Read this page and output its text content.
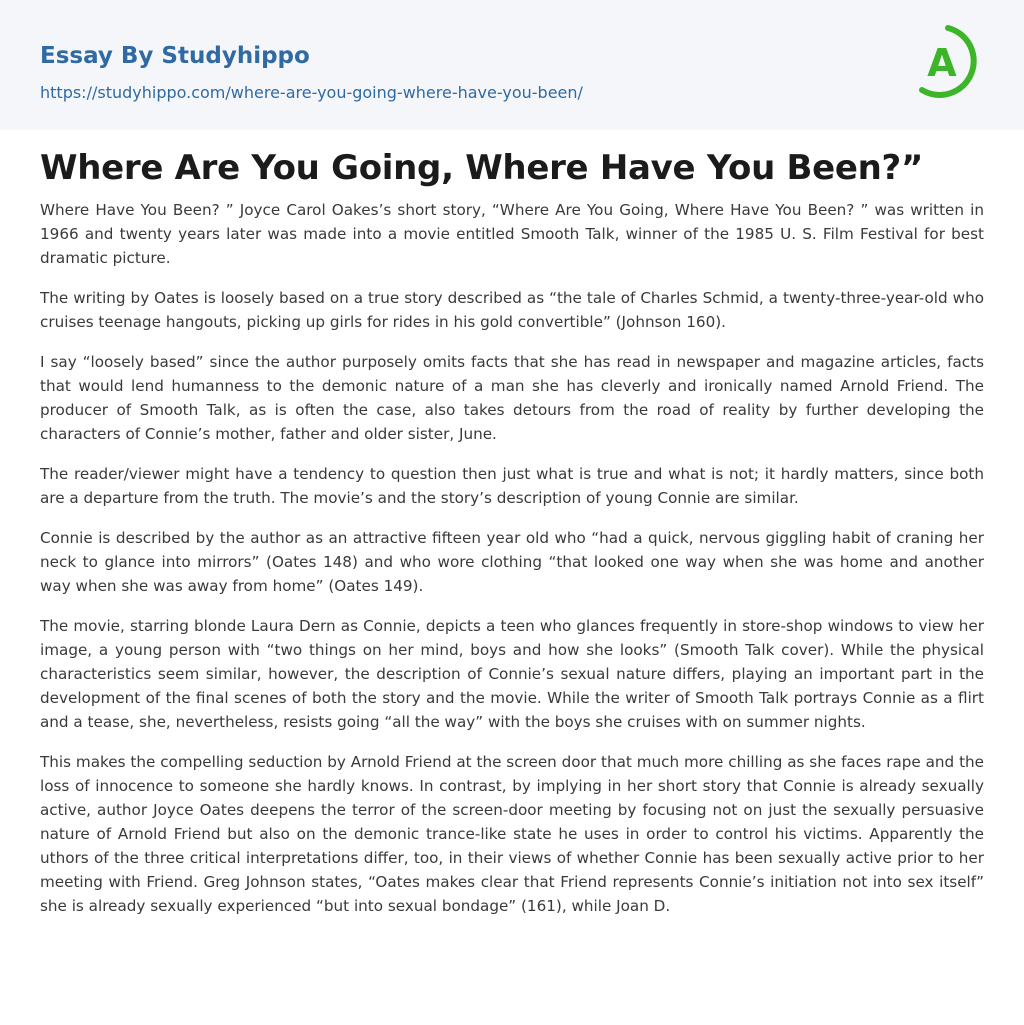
Essay By Studyhippo
https://studyhippo.com/where-are-you-going-where-have-you-been/
A
Where Are You Going, Where Have You Been?”

Where Have You Been? ” Joyce Carol Oakes’s short story, “Where Are You Going, Where Have You Been? ” was written in 1966 and twenty years later was made into a movie entitled Smooth Talk, winner of the 1985 U. S. Film Festival for best dramatic picture.

The writing by Oates is loosely based on a true story described as “the tale of Charles Schmid, a twenty-three-year-old who cruises teenage hangouts, picking up girls for rides in his gold convertible” (Johnson 160).

I say “loosely based” since the author purposely omits facts that she has read in newspaper and magazine articles, facts that would lend humanness to the demonic nature of a man she has cleverly and ironically named Arnold Friend. The producer of Smooth Talk, as is often the case, also takes detours from the road of reality by further developing the characters of Connie’s mother, father and older sister, June.

The reader/viewer might have a tendency to question then just what is true and what is not; it hardly matters, since both are a departure from the truth. The movie’s and the story’s description of young Connie are similar.

Connie is described by the author as an attractive fifteen year old who “had a quick, nervous giggling habit of craning her neck to glance into mirrors” (Oates 148) and who wore clothing “that looked one way when she was home and another way when she was away from home” (Oates 149).

The movie, starring blonde Laura Dern as Connie, depicts a teen who glances frequently in store-shop windows to view her image, a young person with “two things on her mind, boys and how she looks” (Smooth Talk cover). While the physical characteristics seem similar, however, the description of Connie’s sexual nature differs, playing an important part in the development of the final scenes of both the story and the movie. While the writer of Smooth Talk portrays Connie as a flirt and a tease, she, nevertheless, resists going “all the way” with the boys she cruises with on summer nights.

This makes the compelling seduction by Arnold Friend at the screen door that much more chilling as she faces rape and the loss of innocence to someone she hardly knows. In contrast, by implying in her short story that Connie is already sexually active, author Joyce Oates deepens the terror of the screen-door meeting by focusing not on just the sexually persuasive nature of Arnold Friend but also on the demonic trance-like state he uses in order to control his victims. Apparently the uthors of the three critical interpretations differ, too, in their views of whether Connie has been sexually active prior to her meeting with Friend. Greg Johnson states, “Oates makes clear that Friend represents Connie’s initiation not into sex itself” she is already sexually experienced “but into sexual bondage” (161), while Joan D.
